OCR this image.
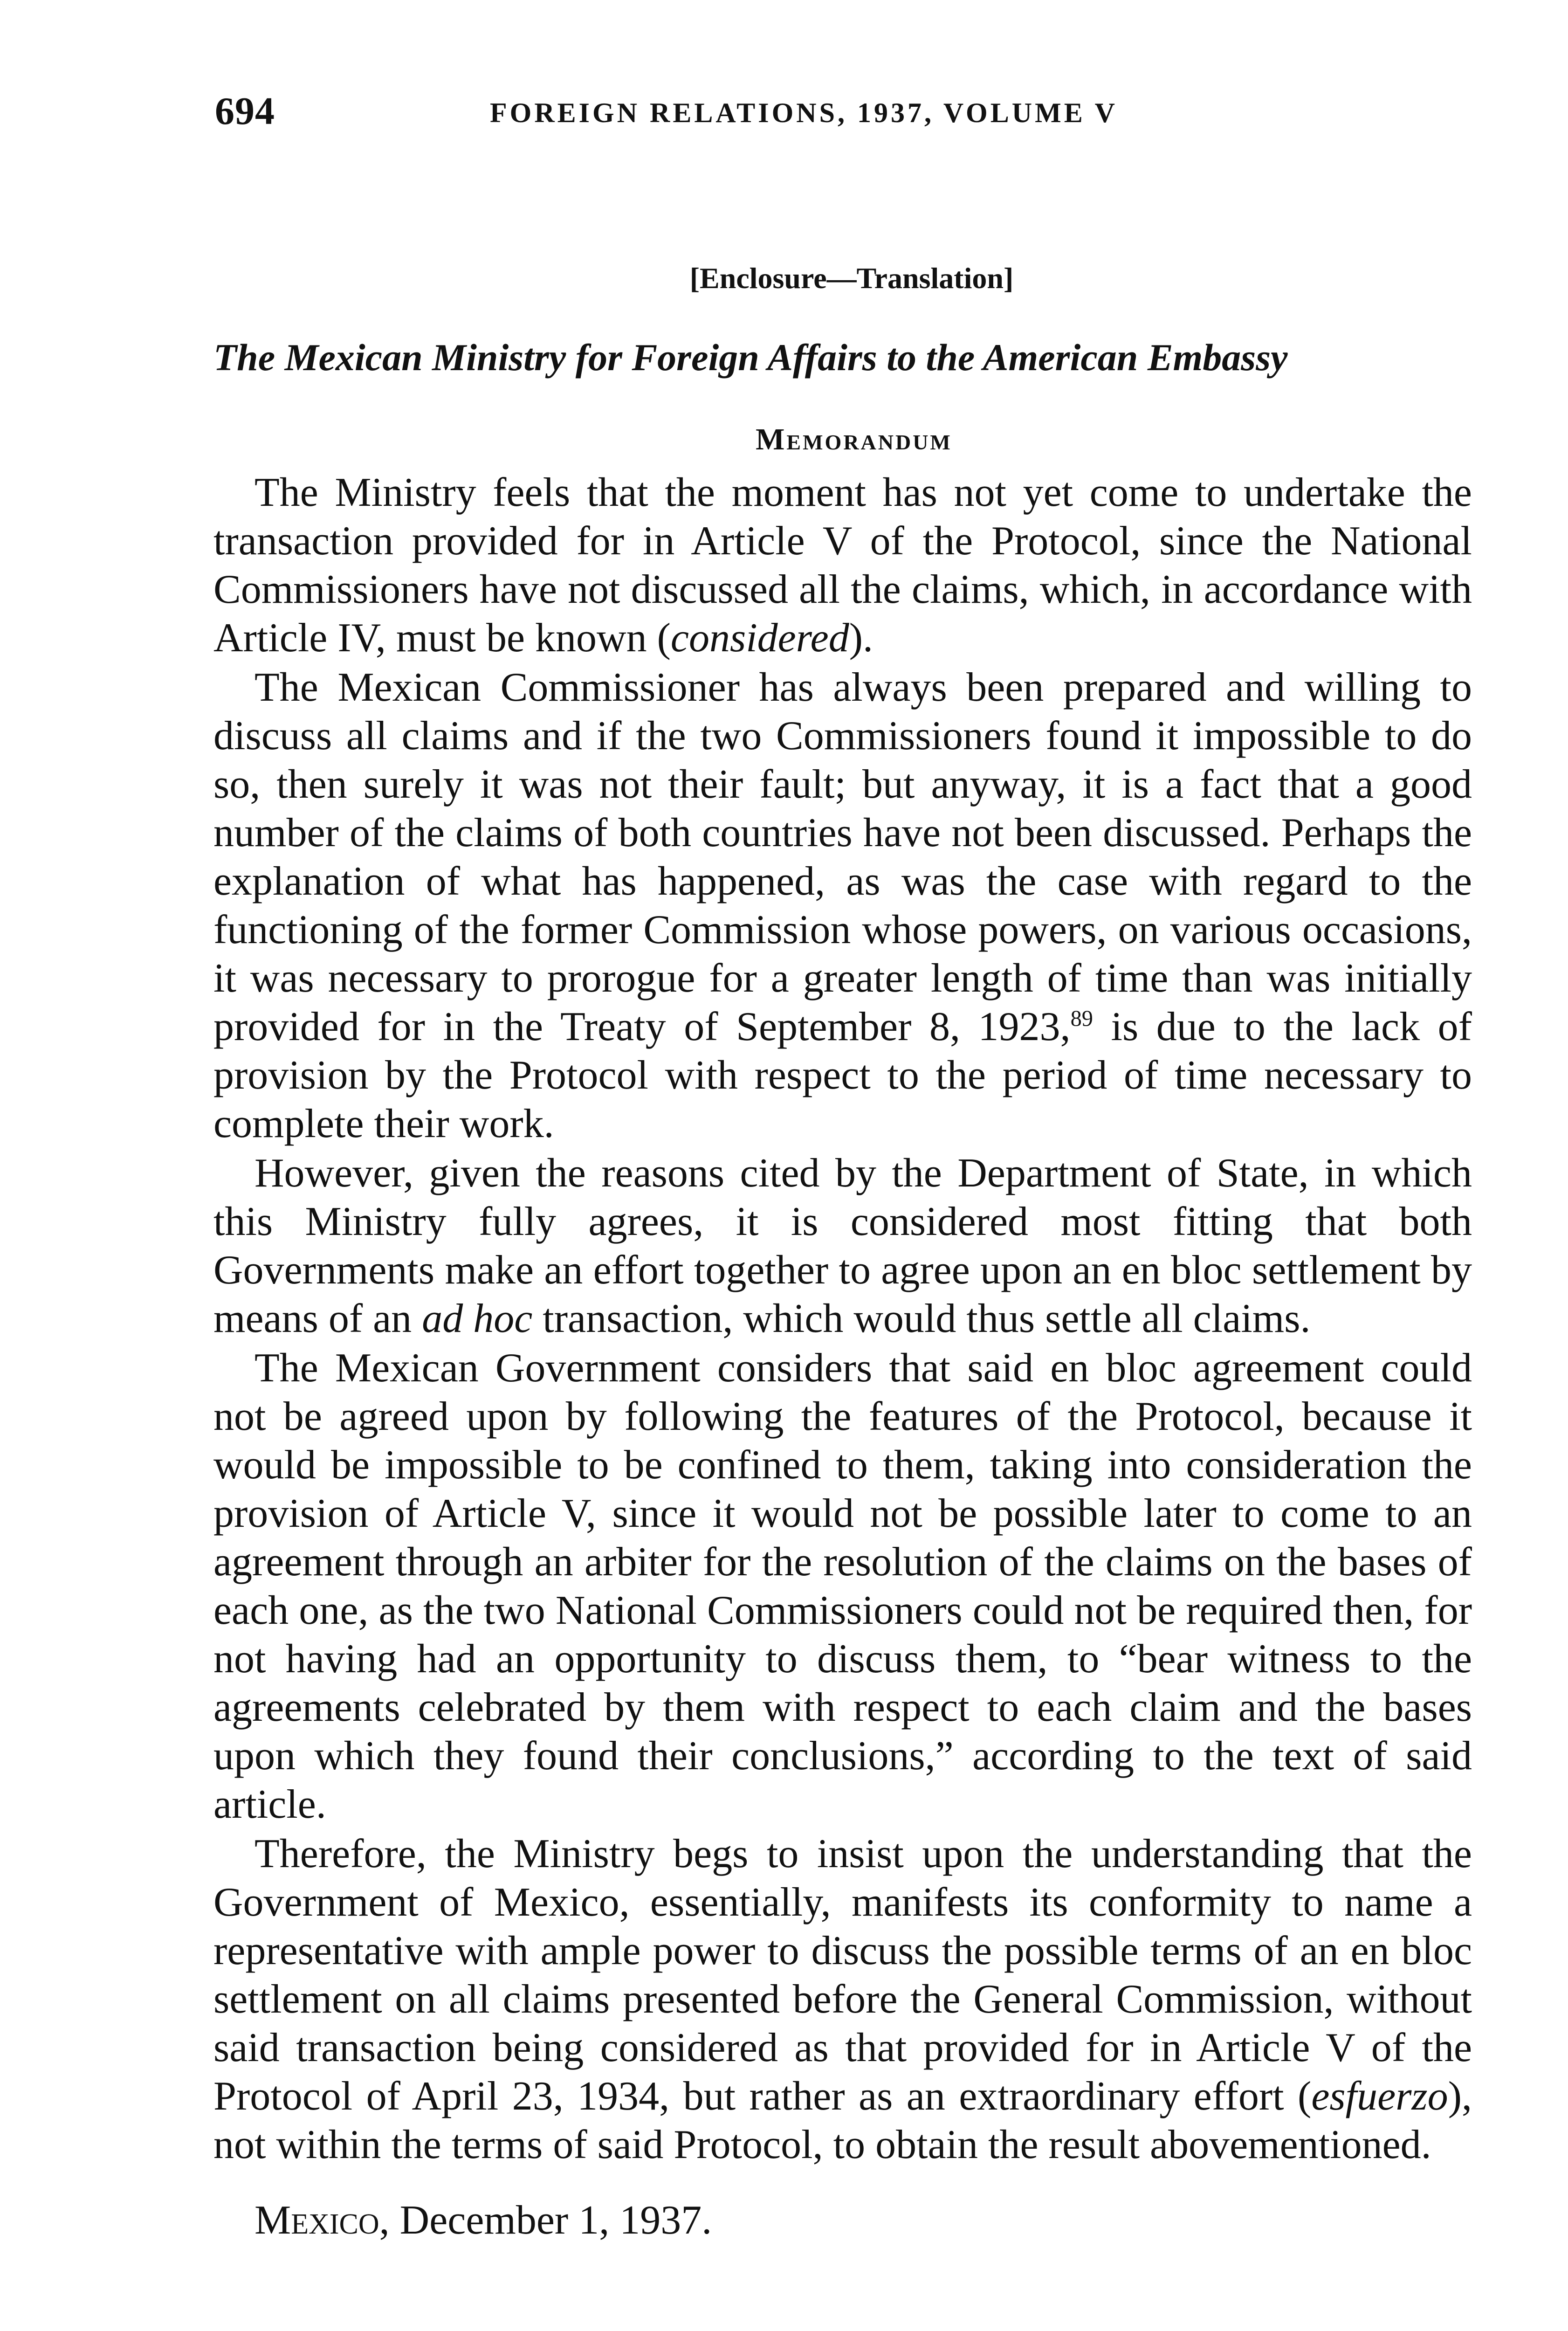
694	FOREIGN RELATIONS, 1937, VOLUME V
[Enclosure—Translation]
The Mexican Ministry for Foreign Affairs to the American Embassy
Memorandum

The Ministry feels that the moment has not yet come to undertake the transaction provided for in Article V of the Protocol, since the National Commissioners have not discussed all the claims, which, in accordance with Article IV, must be known (considered).

The Mexican Commissioner has always been prepared and willing to discuss all claims and if the two Commissioners found it impossible to do so, then surely it was not their fault; but anyway, it is a fact that a good number of the claims of both countries have not been discussed. Perhaps the explanation of what has happened, as was the case with regard to the functioning of the former Commission whose powers, on various occasions, it was necessary to prorogue for a greater length of time than was initially provided for in the Treaty of September 8, 1923,89 is due to the lack of provision by the Protocol with respect to the period of time necessary to complete their work.

However, given the reasons cited by the Department of State, in which this Ministry fully agrees, it is considered most fitting that both Governments make an effort together to agree upon an en bloc settlement by means of an ad hoc transaction, which would thus settle all claims.

The Mexican Government considers that said en bloc agreement could not be agreed upon by following the features of the Protocol, because it would be impossible to be confined to them, taking into consideration the provision of Article V, since it would not be possible later to come to an agreement through an arbiter for the resolution of the claims on the bases of each one, as the two National Commissioners could not be required then, for not having had an opportunity to discuss them, to “bear witness to the agreements celebrated by them with respect to each claim and the bases upon which they found their conclusions,” according to the text of said article.

Therefore, the Ministry begs to insist upon the understanding that the Government of Mexico, essentially, manifests its conformity to name a representative with ample power to discuss the possible terms of an en bloc settlement on all claims presented before the General Commission, without said transaction being considered as that provided for in Article V of the Protocol of April 23, 1934, but rather as an extraordinary effort (esfuerzo), not within the terms of said Protocol, to obtain the result abovementioned.

Mexico, December 1, 1937.
